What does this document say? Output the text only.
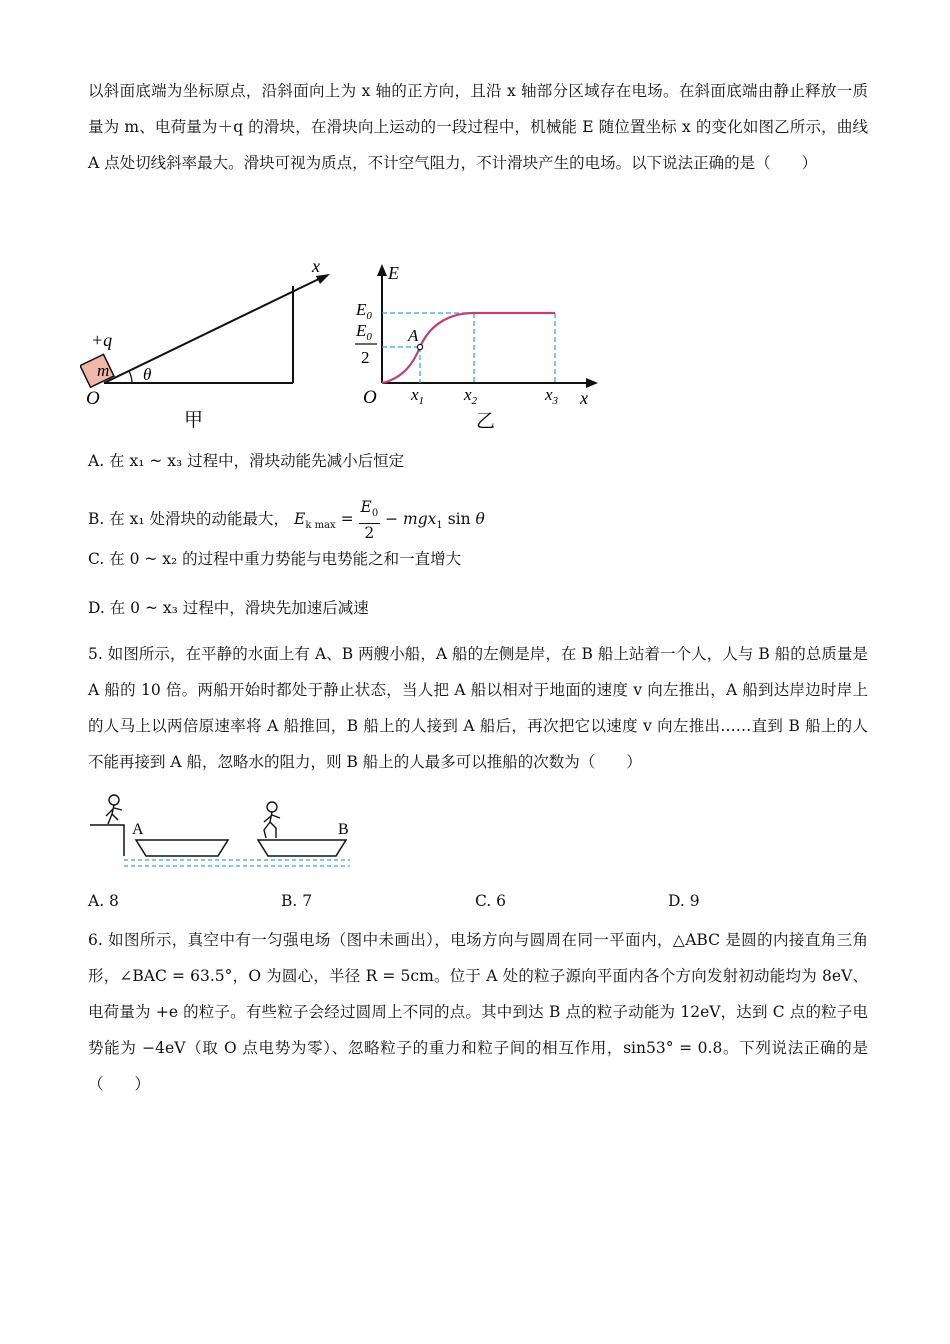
以斜面底端为坐标原点，沿斜面向上为 x 轴的正方向，且沿 x 轴部分区域存在电场。在斜面底端由静止释放一质量为 m、电荷量为＋q 的滑块，在滑块向上运动的一段过程中，机械能 E 随位置坐标 x 的变化如图乙所示，曲线 A 点处切线斜率最大。滑块可视为质点，不计空气阻力，不计滑块产生的电场。以下说法正确的是（　　）
x
m
+q
θ
O
甲
E
x
O
A
$E_0$
$E_0$
2
$x_1$ $x_2$	$x_3$
乙
A. 在 x₁ ~ x₃ 过程中，滑块动能先减小后恒定
B. 在 x₁ 处滑块的动能最大， $E_{k max} = \frac{E_0}{2} - mgx_1$ sin θ
C. 在 0 ~ x₂ 的过程中重力势能与电势能之和一直增大
D. 在 0 ~ x₃ 过程中，滑块先加速后减速
5. 如图所示，在平静的水面上有 A、B 两艘小船，A 船的左侧是岸，在 B 船上站着一个人，人与 B 船的总质量是 A 船的 10 倍。两船开始时都处于静止状态，当人把 A 船以相对于地面的速度 v 向左推出，A 船到达岸边时岸上的人马上以两倍原速率将 A 船推回，B 船上的人接到 A 船后，再次把它以速度 v 向左推出……直到 B 船上的人不能再接到 A 船，忽略水的阻力，则 B 船上的人最多可以推船的次数为（　　）
A	B
A. 8	B. 7	C. 6	D. 9
6. 如图所示，真空中有一匀强电场（图中未画出），电场方向与圆周在同一平面内，△ABC 是圆的内接直角三角形，∠BAC = 63.5°，O 为圆心，半径 R = 5cm。位于 A 处的粒子源向平面内各个方向发射初动能均为 8eV、电荷量为 +e 的粒子。有些粒子会经过圆周上不同的点。其中到达 B 点的粒子动能为 12eV，达到 C 点的粒子电势能为 −4eV（取 O 点电势为零）、忽略粒子的重力和粒子间的相互作用，sin53° = 0.8。下列说法正确的是（　　）
